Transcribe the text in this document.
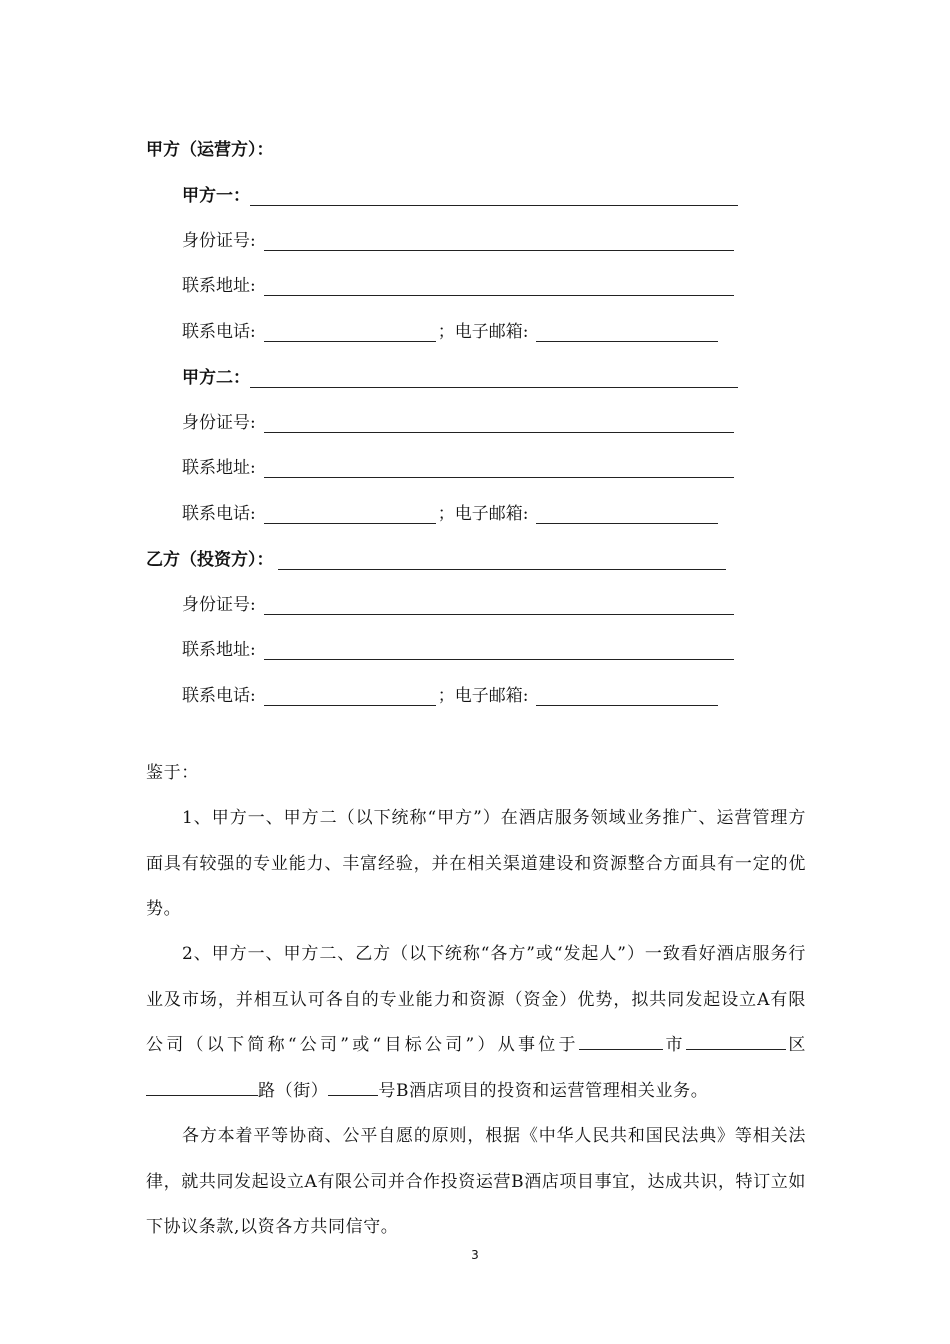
甲方（运营方）：
甲方一：
身份证号:
联系地址:
联系电话:	； 电子邮箱:
甲方二：
身份证号:
联系地址:
联系电话:	； 电子邮箱:
乙方（投资方）：
身份证号:
联系地址:
联系电话:	； 电子邮箱:
鉴于：
1、甲方一、甲方二（以下统称“甲方”）在酒店服务领域业务推广、运营管理方面具有较强的专业能力、丰富经验，并在相关渠道建设和资源整合方面具有一定的优势。
2、甲方一、甲方二、乙方（以下统称“各方”或“发起人”）一致看好酒店服务行业及市场，并相互认可各自的专业能力和资源（资金）优势，拟共同发起设立A有限公司（以下简称“公司”或“目标公司”）从事位于	市	区路（街）	号B酒店项目的投资和运营管理相关业务。
各方本着平等协商、公平自愿的原则，根据《中华人民共和国民法典》等相关法律，就共同发起设立A有限公司并合作投资运营B酒店项目事宜，达成共识，特订立如下协议条款,以资各方共同信守。
3
